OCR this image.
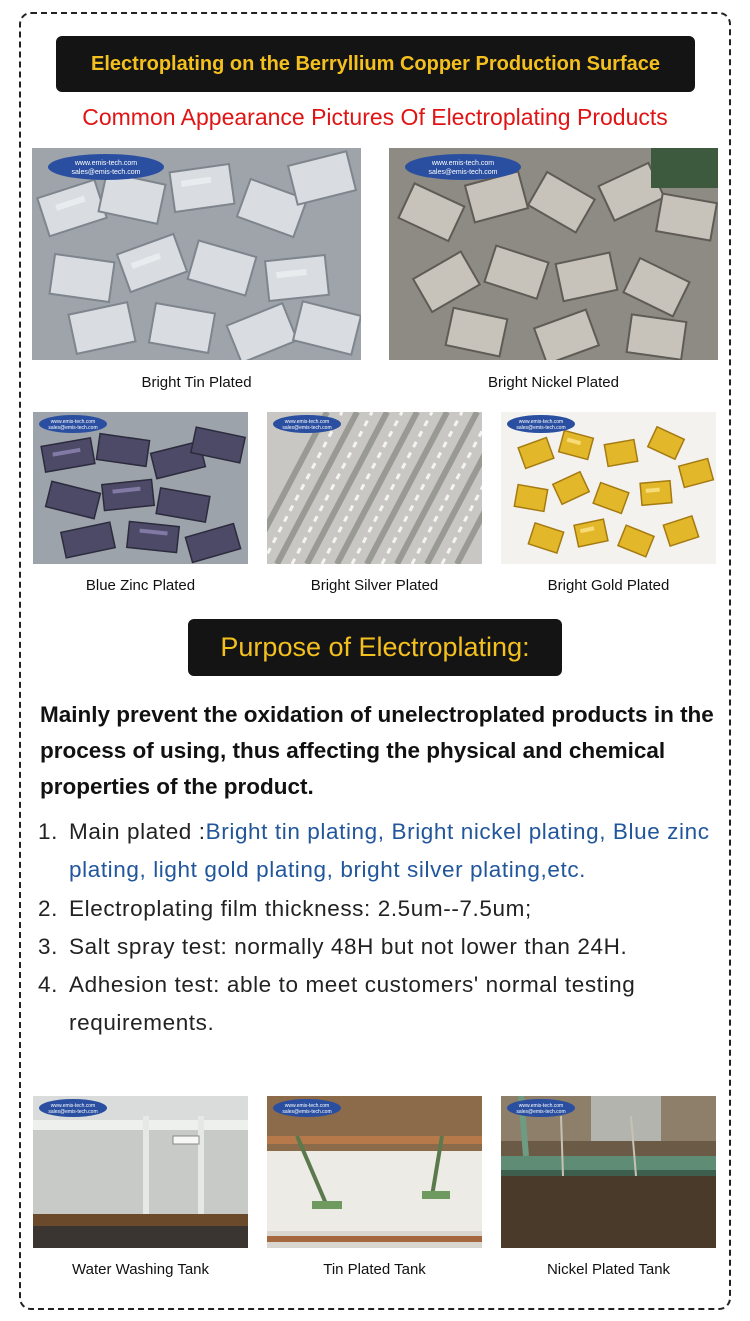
Electroplating on the Berryllium Copper Production Surface
Common Appearance Pictures Of Electroplating Products
www.emis-tech.com
sales@emis-tech.com
www.emis-tech.com
sales@emis-tech.com
Bright Tin Plated	Bright Nickel Plated
www.emis-tech.com
sales@emis-tech.com
www.emis-tech.com
sales@emis-tech.com
www.emis-tech.com
sales@emis-tech.com
Blue Zinc Plated	Bright Silver Plated	Bright Gold Plated
Purpose of Electroplating:
Mainly prevent the oxidation of unelectroplated products in the process of using, thus affecting the physical and chemical properties of the product.
1. Main plated :Bright tin plating, Bright nickel plating, Blue zinc plating, light gold plating, bright silver plating,etc.
2. Electroplating film thickness: 2.5um--7.5um;
3. Salt spray test: normally 48H but not lower than 24H.
4. Adhesion test: able to meet customers' normal testing requirements.
www.emis-tech.com
sales@emis-tech.com
www.emis-tech.com
sales@emis-tech.com
www.emis-tech.com
sales@emis-tech.com
Water Washing Tank	Tin Plated Tank	Nickel Plated Tank
